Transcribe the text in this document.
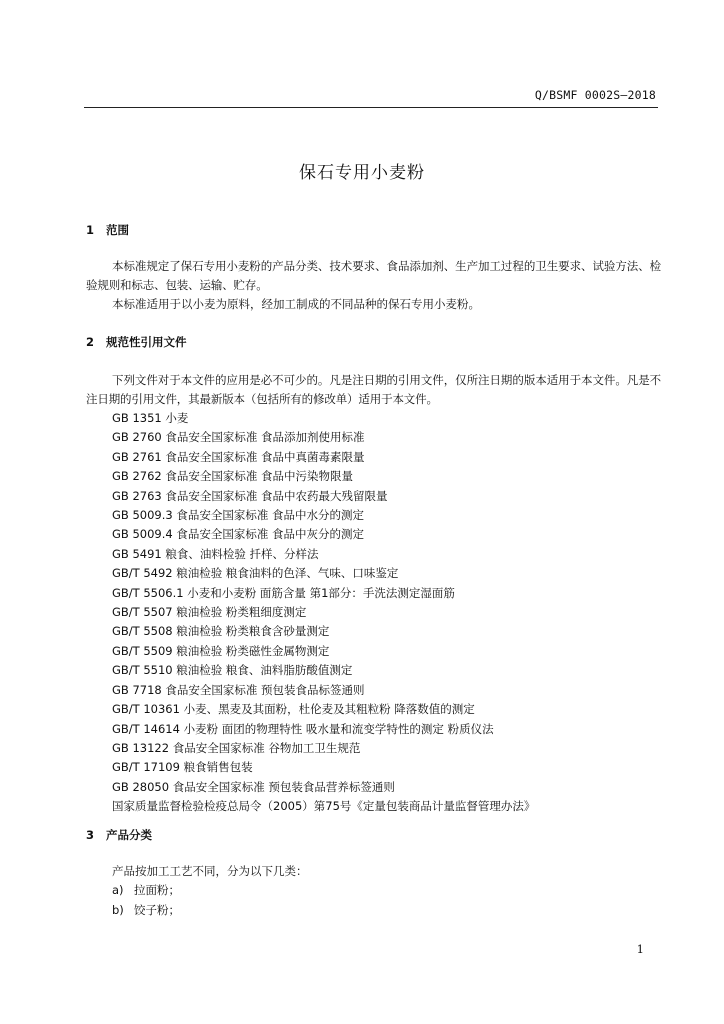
Q/BSMF 0002S—2018
保石专用小麦粉
1 范围
本标准规定了保石专用小麦粉的产品分类、技术要求、食品添加剂、生产加工过程的卫生要求、试验方法、检验规则和标志、包装、运输、贮存。
本标准适用于以小麦为原料，经加工制成的不同品种的保石专用小麦粉。
2 规范性引用文件
下列文件对于本文件的应用是必不可少的。凡是注日期的引用文件，仅所注日期的版本适用于本文件。凡是不注日期的引用文件，其最新版本（包括所有的修改单）适用于本文件。
GB 1351 小麦
GB 2760 食品安全国家标准 食品添加剂使用标准
GB 2761 食品安全国家标准 食品中真菌毒素限量
GB 2762 食品安全国家标准 食品中污染物限量
GB 2763 食品安全国家标准 食品中农药最大残留限量
GB 5009.3 食品安全国家标准 食品中水分的测定
GB 5009.4 食品安全国家标准 食品中灰分的测定
GB 5491 粮食、油料检验 扦样、分样法
GB/T 5492 粮油检验 粮食油料的色泽、气味、口味鉴定
GB/T 5506.1 小麦和小麦粉 面筋含量 第1部分：手洗法测定湿面筋
GB/T 5507 粮油检验 粉类粗细度测定
GB/T 5508 粮油检验 粉类粮食含砂量测定
GB/T 5509 粮油检验 粉类磁性金属物测定
GB/T 5510 粮油检验 粮食、油料脂肪酸值测定
GB 7718 食品安全国家标准 预包装食品标签通则
GB/T 10361 小麦、黑麦及其面粉，杜伦麦及其粗粒粉 降落数值的测定
GB/T 14614 小麦粉 面团的物理特性 吸水量和流变学特性的测定 粉质仪法
GB 13122 食品安全国家标准 谷物加工卫生规范
GB/T 17109 粮食销售包装
GB 28050 食品安全国家标准 预包装食品营养标签通则
国家质量监督检验检疫总局令（2005）第75号《定量包装商品计量监督管理办法》
3 产品分类
产品按加工工艺不同，分为以下几类：
a) 拉面粉；
b) 饺子粉；
1
